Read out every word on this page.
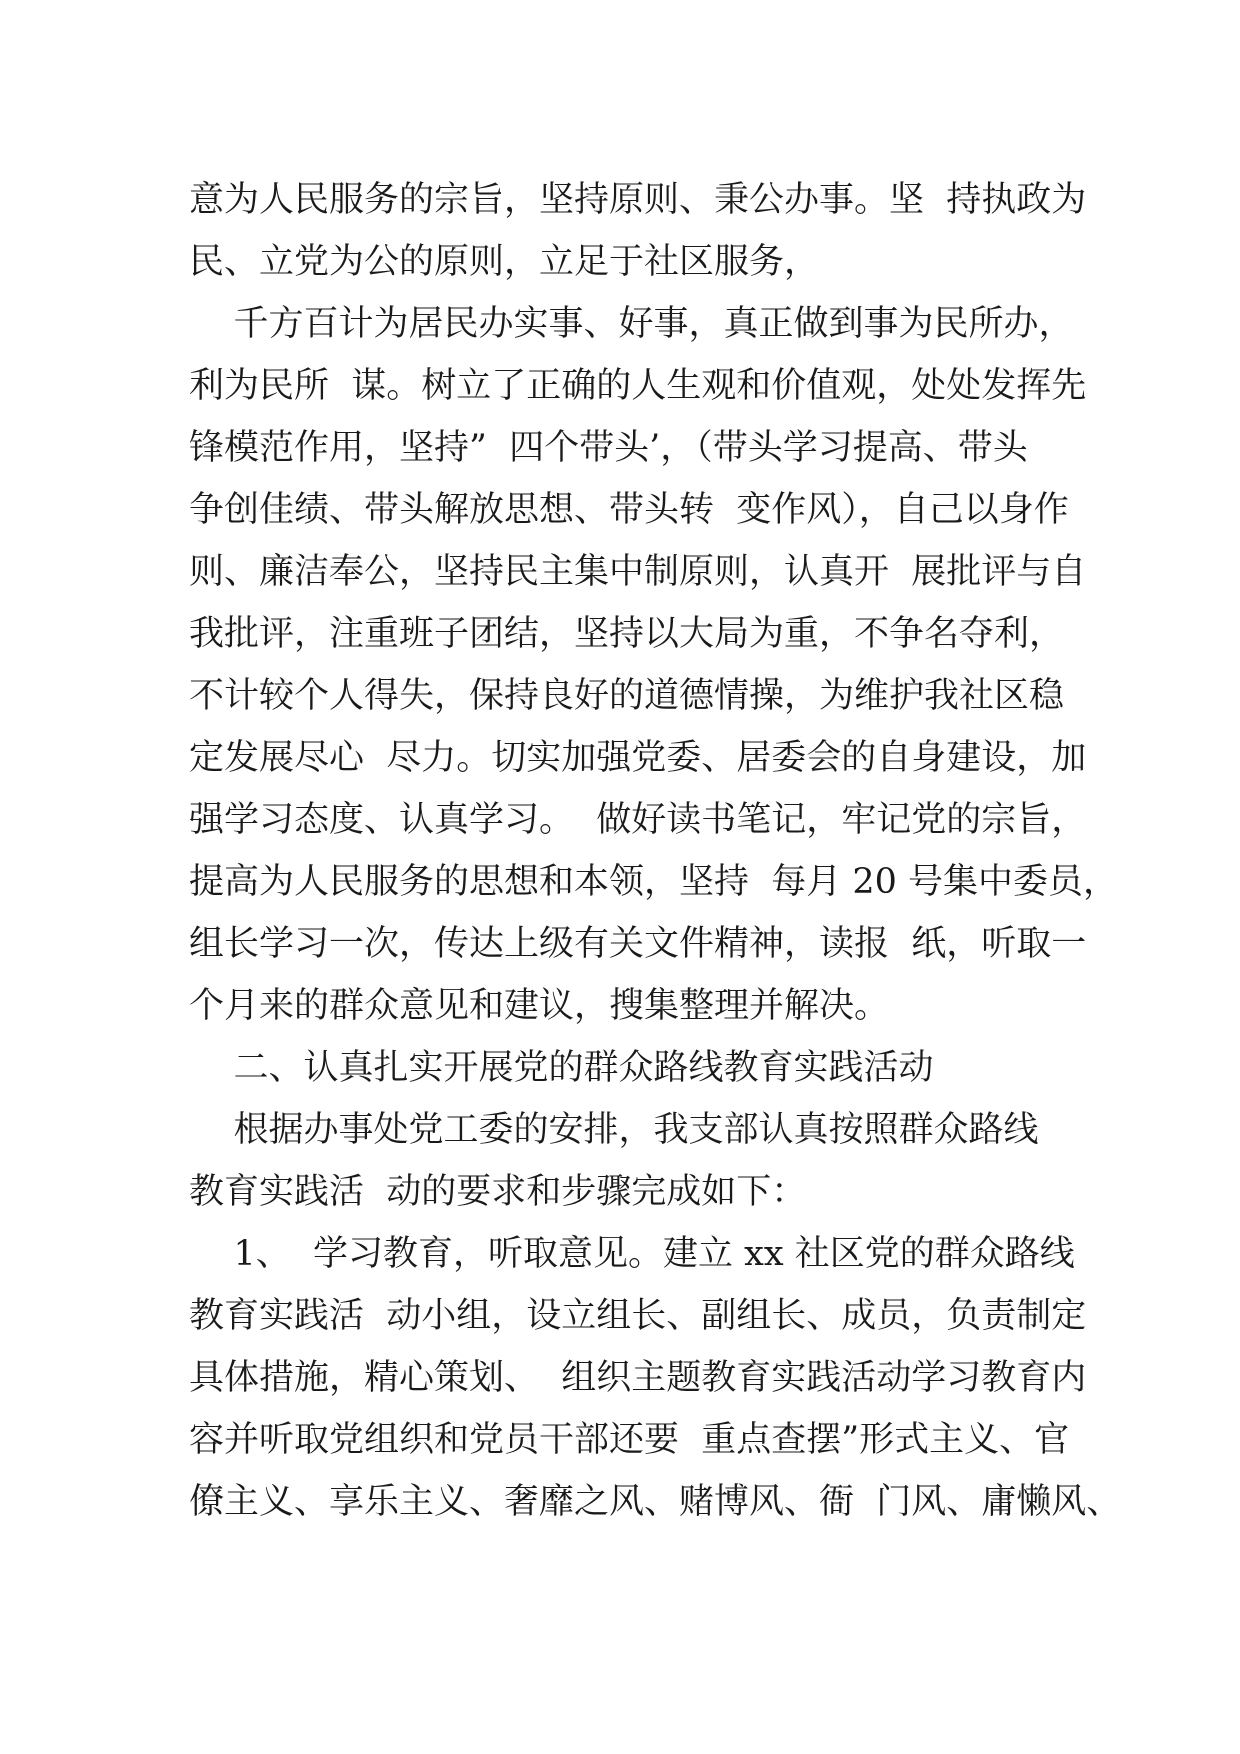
意为人民服务的宗旨，坚持原则、秉公办事。坚  持执政为

民、立党为公的原则，立足于社区服务，

千方百计为居民办实事、好事，真正做到事为民所办，

利为民所  谋。树立了正确的人生观和价值观，处处发挥先

锋模范作用，坚持”  四个带头’，（带头学习提高、带头

争创佳绩、带头解放思想、带头转  变作风），自己以身作

则、廉洁奉公，坚持民主集中制原则，认真开  展批评与自

我批评，注重班子团结，坚持以大局为重，不争名夺利，

不计较个人得失，保持良好的道德情操，为维护我社区稳

定发展尽心  尽力。切实加强党委、居委会的自身建设，加

强学习态度、认真学习。  做好读书笔记，牢记党的宗旨，

提高为人民服务的思想和本领，坚持  每月 20 号集中委员，

组长学习一次，传达上级有关文件精神，读报  纸，听取一

个月来的群众意见和建议，搜集整理并解决。

二、认真扎实开展党的群众路线教育实践活动

根据办事处党工委的安排，我支部认真按照群众路线

教育实践活  动的要求和步骤完成如下：

1、  学习教育，听取意见。建立 xx 社区党的群众路线

教育实践活  动小组，设立组长、副组长、成员，负责制定

具体措施，精心策划、  组织主题教育实践活动学习教育内

容并听取党组织和党员干部还要  重点查摆”形式主义、官

僚主义、享乐主义、奢靡之风、赌博风、衙  门风、庸懒风、
